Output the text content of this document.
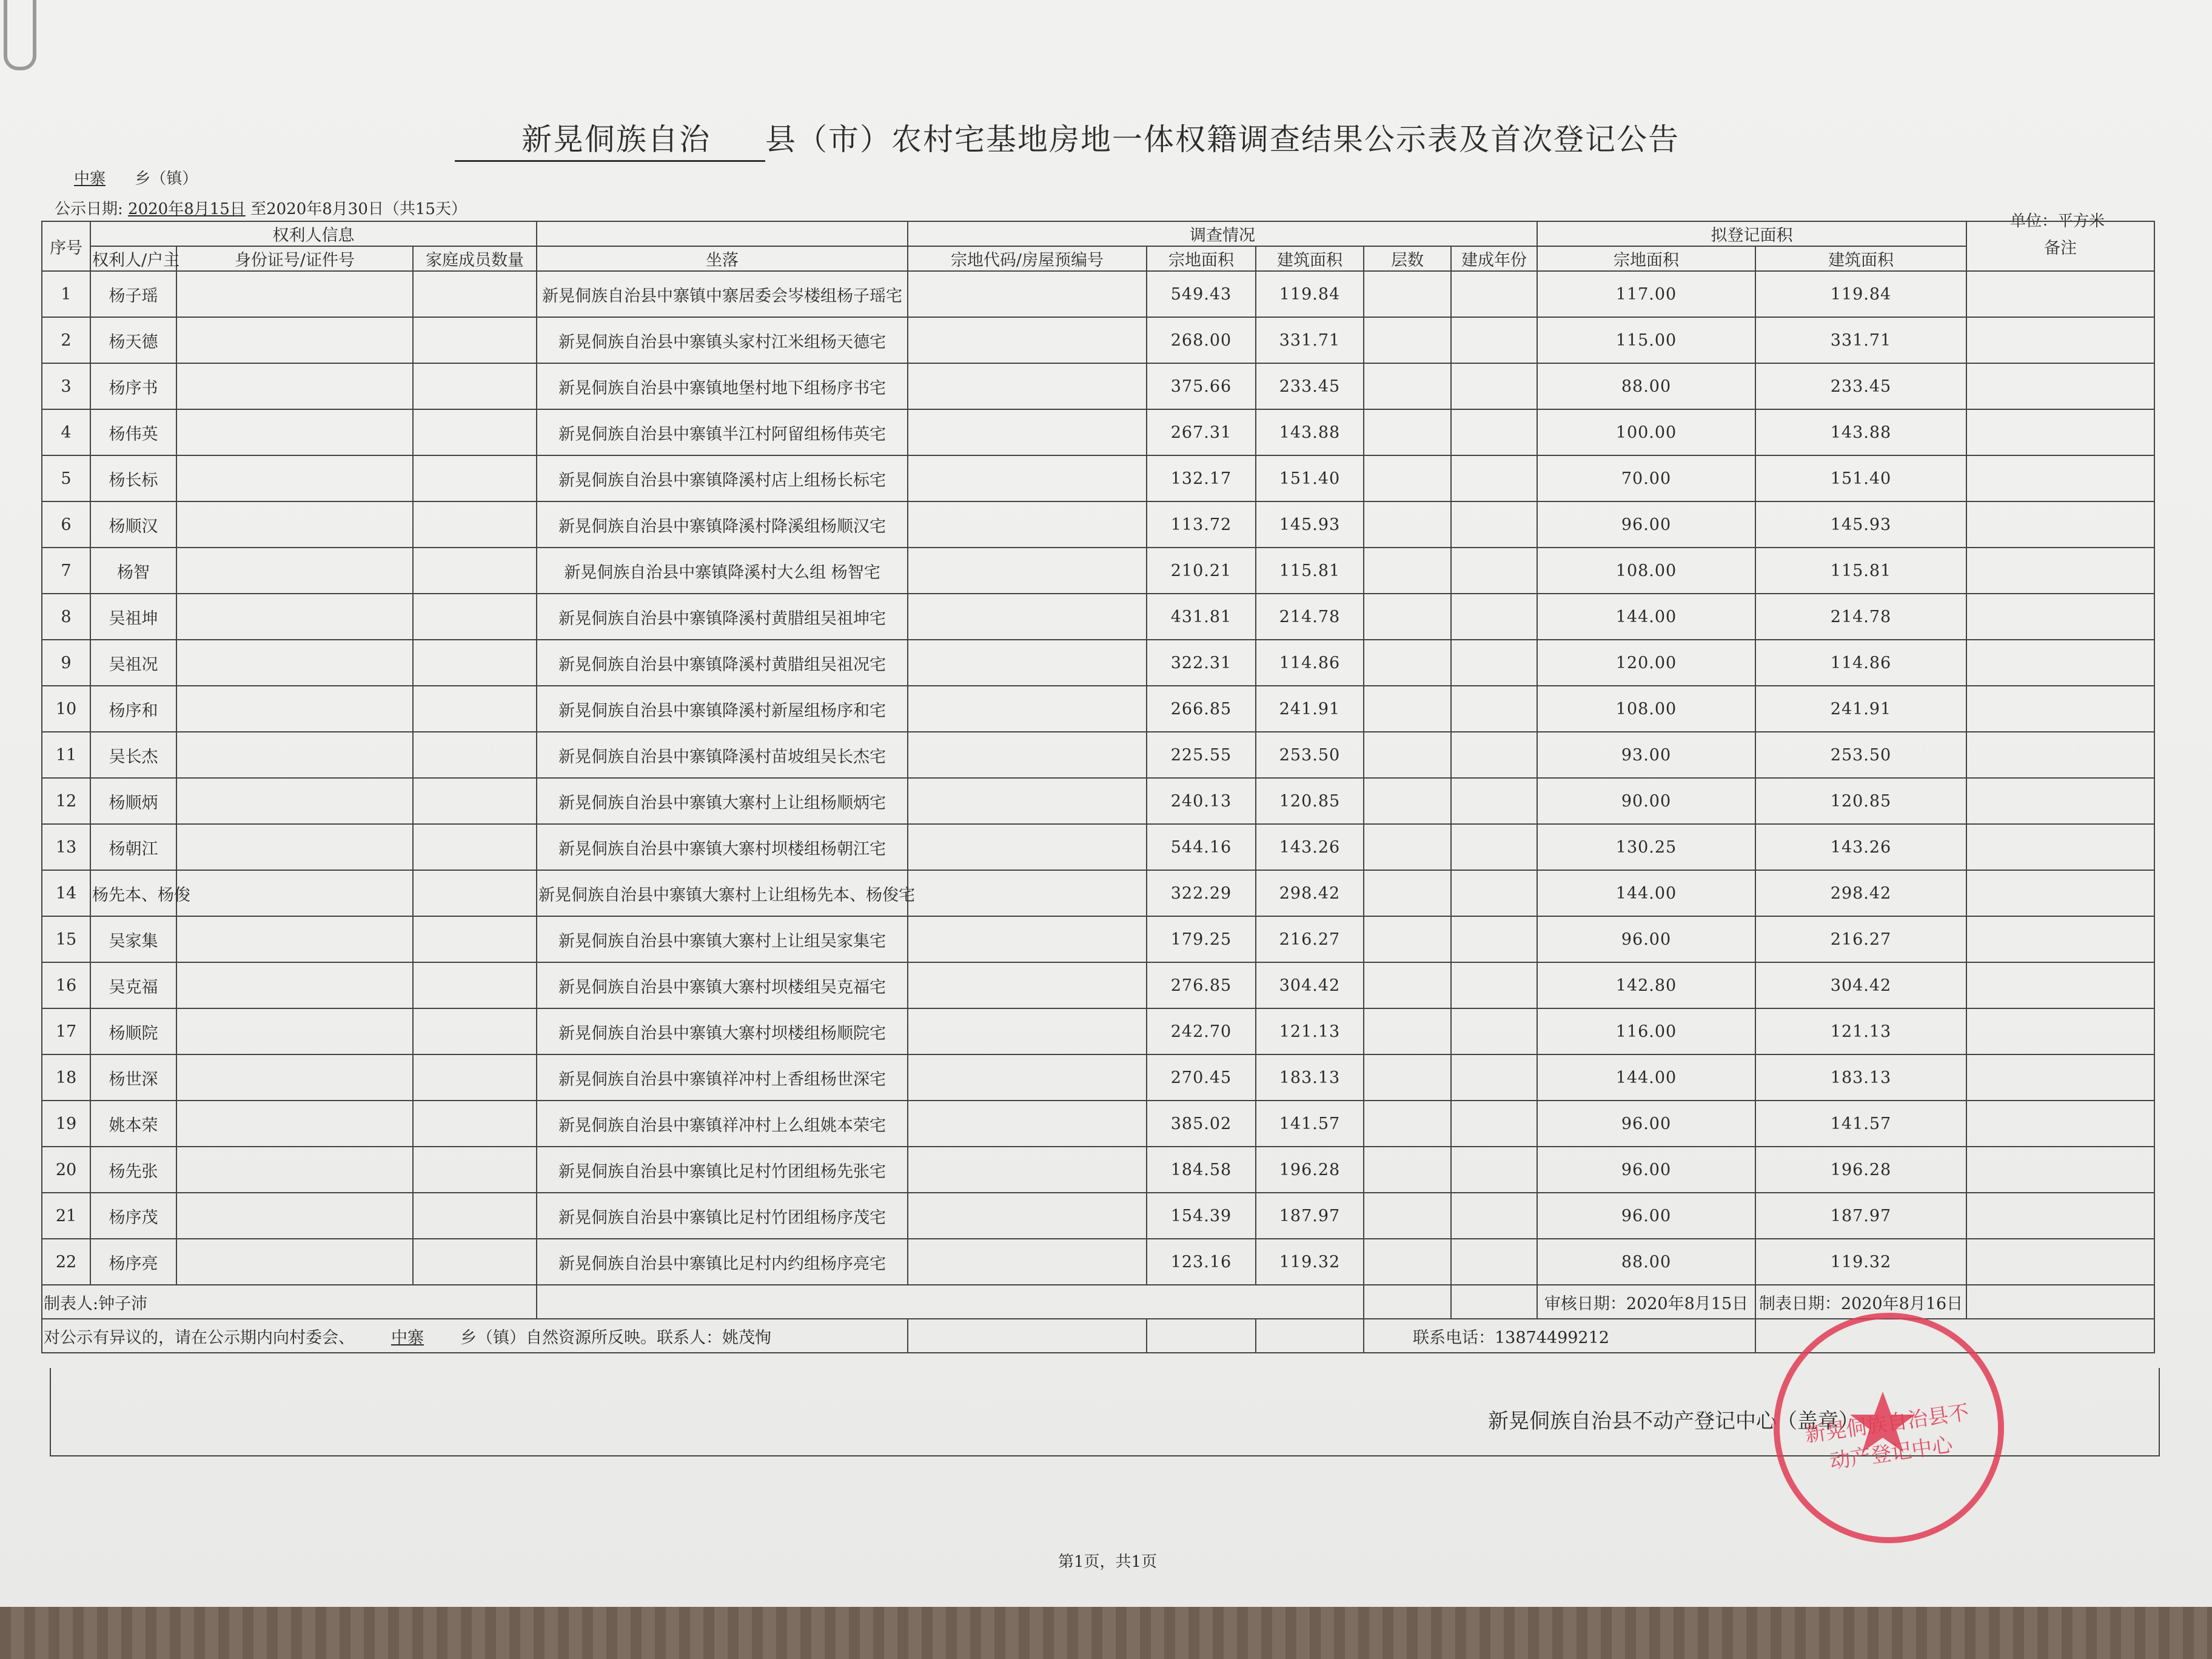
新晃侗族自治 县（市）农村宅基地房地一体权籍调查结果公示表及首次登记公告
中寨 乡（镇）
公示日期: 2020年8月15日 至2020年8月30日（共15天）
单位：平方米
序号	权利人信息				调查情况					拟登记面积		备注
	权利人/户主	身份证号/证件号	家庭成员数量	坐落	宗地代码/房屋预编号	宗地面积	建筑面积	层数	建成年份	宗地面积	建筑面积	
1	杨子瑶			新晃侗族自治县中寨镇中寨居委会岑楼组杨子瑶宅		549.43	119.84			117.00	119.84	
2	杨天德			新晃侗族自治县中寨镇头家村江米组杨天德宅		268.00	331.71			115.00	331.71	
3	杨序书			新晃侗族自治县中寨镇地堡村地下组杨序书宅		375.66	233.45			88.00	233.45	
4	杨伟英			新晃侗族自治县中寨镇半江村阿留组杨伟英宅		267.31	143.88			100.00	143.88	
5	杨长标			新晃侗族自治县中寨镇降溪村店上组杨长标宅		132.17	151.40			70.00	151.40	
6	杨顺汉			新晃侗族自治县中寨镇降溪村降溪组杨顺汉宅		113.72	145.93			96.00	145.93	
7	杨智			新晃侗族自治县中寨镇降溪村大么组 杨智宅		210.21	115.81			108.00	115.81	
8	吴祖坤			新晃侗族自治县中寨镇降溪村黄腊组吴祖坤宅		431.81	214.78			144.00	214.78	
9	吴祖况			新晃侗族自治县中寨镇降溪村黄腊组吴祖况宅		322.31	114.86			120.00	114.86	
10	杨序和			新晃侗族自治县中寨镇降溪村新屋组杨序和宅		266.85	241.91			108.00	241.91	
11	吴长杰			新晃侗族自治县中寨镇降溪村苗坡组吴长杰宅		225.55	253.50			93.00	253.50	
12	杨顺炳			新晃侗族自治县中寨镇大寨村上让组杨顺炳宅		240.13	120.85			90.00	120.85	
13	杨朝江			新晃侗族自治县中寨镇大寨村坝楼组杨朝江宅		544.16	143.26			130.25	143.26	
14	杨先本、杨俊			新晃侗族自治县中寨镇大寨村上让组杨先本、杨俊宅		322.29	298.42			144.00	298.42	
15	吴家集			新晃侗族自治县中寨镇大寨村上让组吴家集宅		179.25	216.27			96.00	216.27	
16	吴克福			新晃侗族自治县中寨镇大寨村坝楼组吴克福宅		276.85	304.42			142.80	304.42	
17	杨顺院			新晃侗族自治县中寨镇大寨村坝楼组杨顺院宅		242.70	121.13			116.00	121.13	
18	杨世深			新晃侗族自治县中寨镇祥冲村上香组杨世深宅		270.45	183.13			144.00	183.13	
19	姚本荣			新晃侗族自治县中寨镇祥冲村上么组姚本荣宅		385.02	141.57			96.00	141.57	
20	杨先张			新晃侗族自治县中寨镇比足村竹团组杨先张宅		184.58	196.28			96.00	196.28	
21	杨序茂			新晃侗族自治县中寨镇比足村竹团组杨序茂宅		154.39	187.97			96.00	187.97	
22	杨序亮			新晃侗族自治县中寨镇比足村内约组杨序亮宅		123.16	119.32			88.00	119.32	
制表人:钟子沛										审核日期：2020年8月15日	制表日期：2020年8月16日	
对公示有异议的，请在公示期内向村委会、 中寨 乡（镇）自然资源所反映。联系人：姚茂恂								联系电话：13874499212				
新晃侗族自治县不动产登记中心（盖章）
新晃侗族自治县不动产登记中心
第1页，共1页
